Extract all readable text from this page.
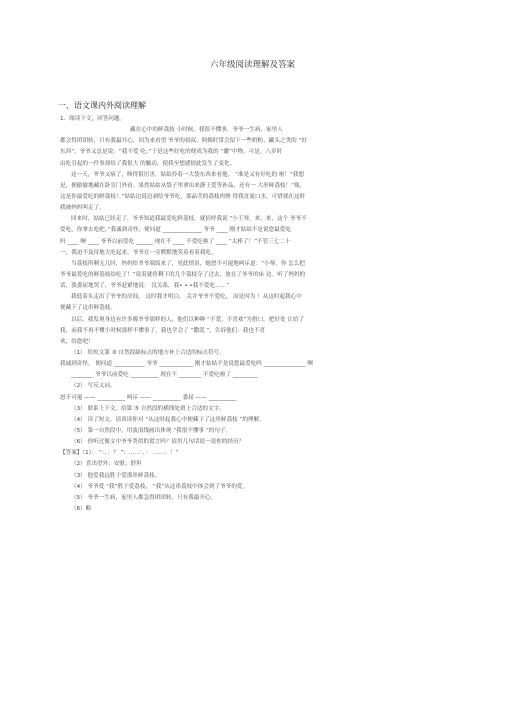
六年级阅读理解及答案
一、语文课内外阅读理解
1．阅读下文，回答问题。
藏在心中的鲜荔枝 小时候，我很不懂事，爷爷一生病，家里人
都会得团团转，只有我最开心，因为来看望 爷爷的叔叔、阿姨时常会留下一些奶粉、罐头之类的 “好
东西”，爷爷又总是说：“我不爱 吃。”于是这些好吃的便成为我的 “囊”中物。可是，八岁时
由吃引起的一件事却给了我很大 的触动，使我至想感情此发生了变化。
这一天，爷爷又病了，咳得很厉害，姑姑拎着一大袋东西来看他。 “准是又有好吃的 啦！”我想
是，便偷偷地藏在卧室门外看。果然姑姑从袋子里拿出来静王爱等补品，还有一 大串鲜荔枝！“瓶，
这是你最爱吃的鲜荔枝！”姑姑边说边剥给爷爷吃，那晶莹的荔枝肉馋 得我直流口水，可惜就在这时
我被妈妈叫走了。
回来时，姑姑已经走了，爷爷知道我最爱吃鲜荔枝，就招呼我说 “小王琴，来，来，这个 爷爷不
爱吃，你拿去吃吧。”我诚到奇怪，便问道 ______________ 爷爷 ____ 刚才姑姑不是说您最爱吃
吗 ____ 噢 ____ 爷爷以前爱吃 ______ 现在不 ____ 不爱吃啦了 ____ “太棒了！”不管三七二十
一，我迫不及待地大吃起来，爷爷在一旁默默地笑着看着我吃。
当荔枝所剩无几时，妈妈给爷爷端饭来了，见此情景，她怒不可遏地呵斥道：“小琴，你 怎么把
爷爷最爱吃的鲜荔枝给吃了！”说着就将剩下的几个荔枝夺了过去，放在了爷爷的床 边。听了妈妈的
话，我委屈地哭了，爷爷赶紧地说： 没关系，我• • •我不爱吃……”
我低着头走出了爷爷的房间， 这时我才明白， 关并爷爷不爱吃， 而是因为 ！从这时起我心中
便藏下了这串鲜荔枝。
以后，我发现身边有许多像爷爷那样的人，他们以种种 “不爱、不喜欢”为借口，把好处 让给了
我，而我不再不懂小时候那样不懂事了，我也学会了 “撒谎 ”，告诉他们：我也不喜
欢，给您吧！
（1） 给短文第 ③ 自然段缺标点的地方补上合适的标点符号。
我诚到奇怪， 便问道 ___________ 爷爷 ____________ 刚才姑姑不是说您最爱吃吗 _______________ 噢
________ 爷爷以前爱吃 __________ 现在不 ________ 不爱吃啦了 _________
（2） 写反义词。
怒不可遏 —— __________ 呵斥 —— __________ 委屈 —— __________
（3） 联系上下文，给第 ⑤ 自然段的横线处填上合适的文字。
（4） 读了短文，请谈谈你对 “从这时起我心中便藏下了这串鲜荔枝 ”的理解。
（5） 第一自然段中，用波浪线画出体现 “我很不懂事 ”的句子。
（6） 你听过像文中爷爷类似的谎言吗？请用几句话说一说你的经历？
【答案】（1）： “：，：？ ”：……：，： ……：！”
（2）喜出望外；安慰；舒坦
（3） 他爱我远胜于爱那串鲜荔枝。
（4） 爷爷爱 “我”胜于爱荔枝， “我”从这串荔枝中体会到了爷爷的爱。
（5） 爷爷一生病，家里人都急得团团转，只有我最开心。
（6）略
